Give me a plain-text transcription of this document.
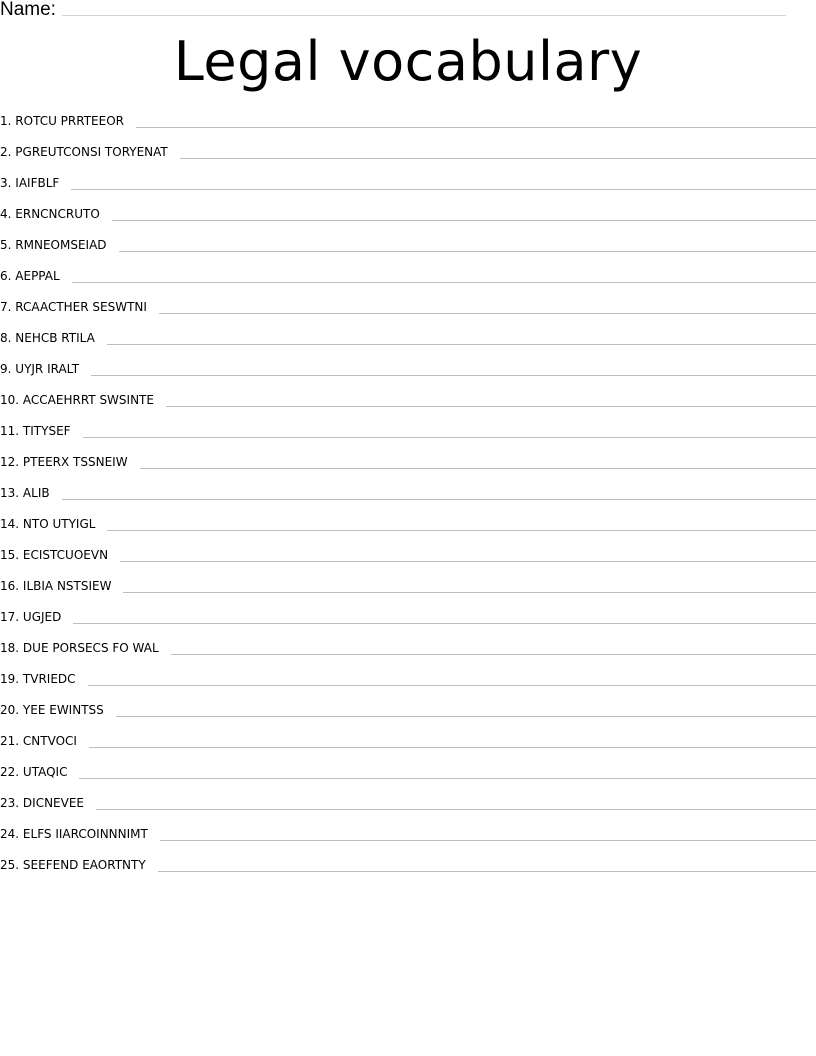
Name:
Legal vocabulary
1. ROTCU PRRTEEOR
2. PGREUTCONSI TORYENAT
3. IAIFBLF
4. ERNCNCRUTO
5. RMNEOMSEIAD
6. AEPPAL
7. RCAACTHER SESWTNI
8. NEHCB RTILA
9. UYJR IRALT
10. ACCAEHRRT SWSINTE
11. TITYSEF
12. PTEERX TSSNEIW
13. ALIB
14. NTO UTYIGL
15. ECISTCUOEVN
16. ILBIA NSTSIEW
17. UGJED
18. DUE PORSECS FO WAL
19. TVRIEDC
20. YEE EWINTSS
21. CNTVOCI
22. UTAQIC
23. DICNEVEE
24. ELFS IIARCOINNNIMT
25. SEEFEND EAORTNTY
